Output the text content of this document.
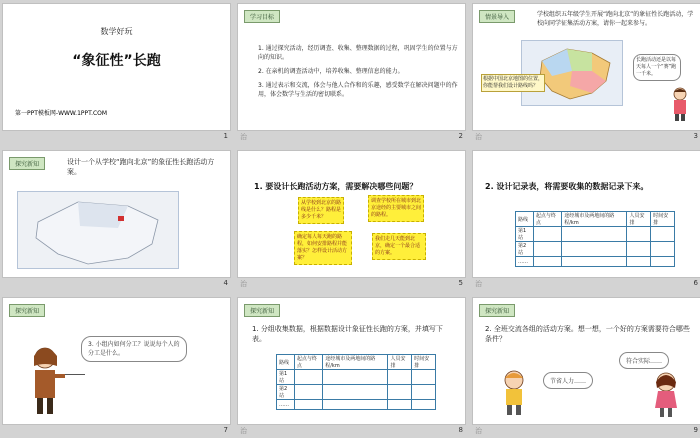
数学好玩
“象征性”长跑
第一PPT模板网-WWW.1PPT.COM
1
学习目标
1. 通过探究活动，经历调查、收集、整理数据的过程，巩固学生的位置与方向的知识。
2. 在亲机的调查活动中，培养收集、整理信息的能力。
3. 通过表示和交流，体会与他人合作和的乐趣，感受数学在解决问题中的作用，体会数学与生活的密切联系。
治	2
情景导入	学校组织五年级学生开展“跑向北京”的象征性长跑活动，学校向同学征集活动方案，请你一起来参与。
根据中国北京地图的位置，你能帮我们设计路线吗？
长跑活动还是以每天每人一个“赛”跑一千米。
治	3
探究新知	设计一个从学校“跑向北京”的象征性长跑活动方案。
4
1. 要设计长跑活动方案，需要解决哪些问题？
从学校到北京的路线是什么？路程是多少千米？
调查学校所在城市到北京途经的主要城市之间的路程。
确定每人每天跑的路程，如何安排路程并能落实？怎样设计活动方案？
我们走几天能到北京，确定一个最合适的方案。
治	5
2. 设计记录表，将需要收集的数据记录下来。
路线	起点与终点	途经城市及两地间的路程/km	人员安排	时间安排
第1站				
第2站				
……				
治	6
探究新知
3. 小组内如何分工？说说每个人的分工是什么。
7
探究新知
1. 分组收集数据，根据数据设计象征性长跑的方案，并填写下表。
路线	起点与终点	途经城市及两地间的路程/km	人员安排	时间安排
第1站				
第2站				
……				
治	8
探究新知
2. 全班交流各组的活动方案。想一想，一个好的方案需要符合哪些条件？
符合实际……
节省人力……
治	9
